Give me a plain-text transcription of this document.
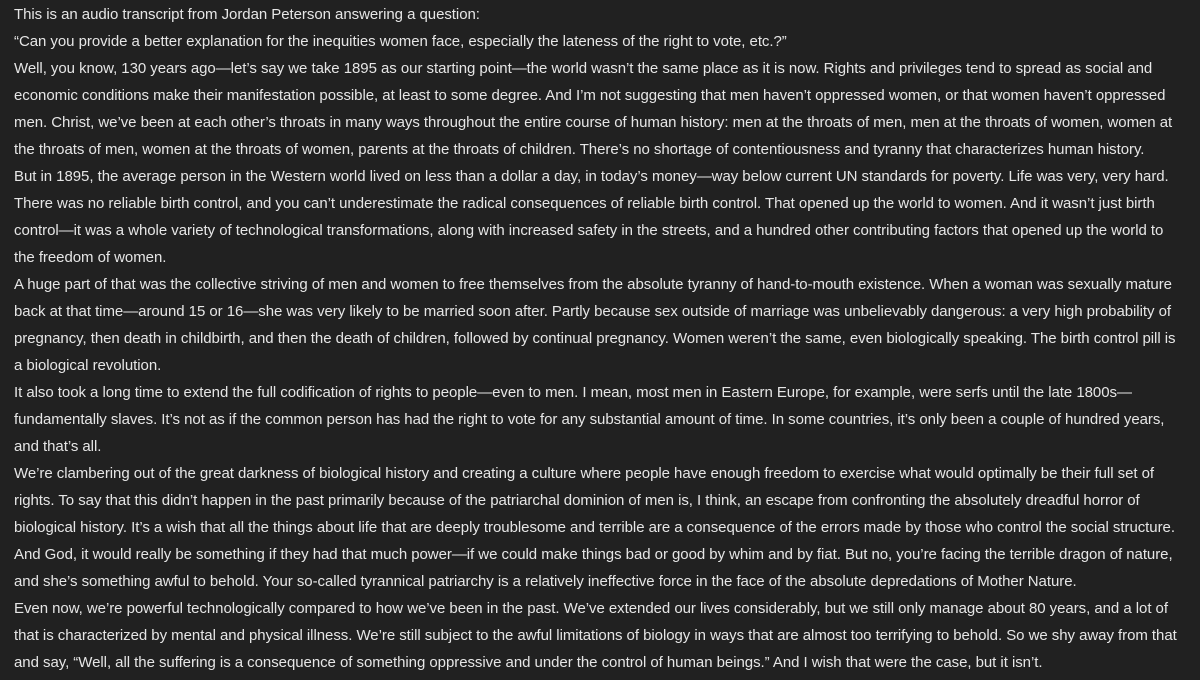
This is an audio transcript from Jordan Peterson answering a question:

“Can you provide a better explanation for the inequities women face, especially the lateness of the right to vote, etc.?”

Well, you know, 130 years ago—let’s say we take 1895 as our starting point—the world wasn’t the same place as it is now. Rights and privileges tend to spread as social and economic conditions make their manifestation possible, at least to some degree. And I’m not suggesting that men haven’t oppressed women, or that women haven’t oppressed men. Christ, we’ve been at each other’s throats in many ways throughout the entire course of human history: men at the throats of men, men at the throats of women, women at the throats of men, women at the throats of women, parents at the throats of children. There’s no shortage of contentiousness and tyranny that characterizes human history.

But in 1895, the average person in the Western world lived on less than a dollar a day, in today’s money—way below current UN standards for poverty. Life was very, very hard. There was no reliable birth control, and you can’t underestimate the radical consequences of reliable birth control. That opened up the world to women. And it wasn’t just birth control—it was a whole variety of technological transformations, along with increased safety in the streets, and a hundred other contributing factors that opened up the world to the freedom of women.

A huge part of that was the collective striving of men and women to free themselves from the absolute tyranny of hand-to-mouth existence. When a woman was sexually mature back at that time—around 15 or 16—she was very likely to be married soon after. Partly because sex outside of marriage was unbelievably dangerous: a very high probability of pregnancy, then death in childbirth, and then the death of children, followed by continual pregnancy. Women weren’t the same, even biologically speaking. The birth control pill is a biological revolution.

It also took a long time to extend the full codification of rights to people—even to men. I mean, most men in Eastern Europe, for example, were serfs until the late 1800s—fundamentally slaves. It’s not as if the common person has had the right to vote for any substantial amount of time. In some countries, it’s only been a couple of hundred years, and that’s all.

We’re clambering out of the great darkness of biological history and creating a culture where people have enough freedom to exercise what would optimally be their full set of rights. To say that this didn’t happen in the past primarily because of the patriarchal dominion of men is, I think, an escape from confronting the absolutely dreadful horror of biological history. It’s a wish that all the things about life that are deeply troublesome and terrible are a consequence of the errors made by those who control the social structure.

And God, it would really be something if they had that much power—if we could make things bad or good by whim and by fiat. But no, you’re facing the terrible dragon of nature, and she’s something awful to behold. Your so-called tyrannical patriarchy is a relatively ineffective force in the face of the absolute depredations of Mother Nature.

Even now, we’re powerful technologically compared to how we’ve been in the past. We’ve extended our lives considerably, but we still only manage about 80 years, and a lot of that is characterized by mental and physical illness. We’re still subject to the awful limitations of biology in ways that are almost too terrifying to behold. So we shy away from that and say, “Well, all the suffering is a consequence of something oppressive and under the control of human beings.” And I wish that were the case, but it isn’t.
